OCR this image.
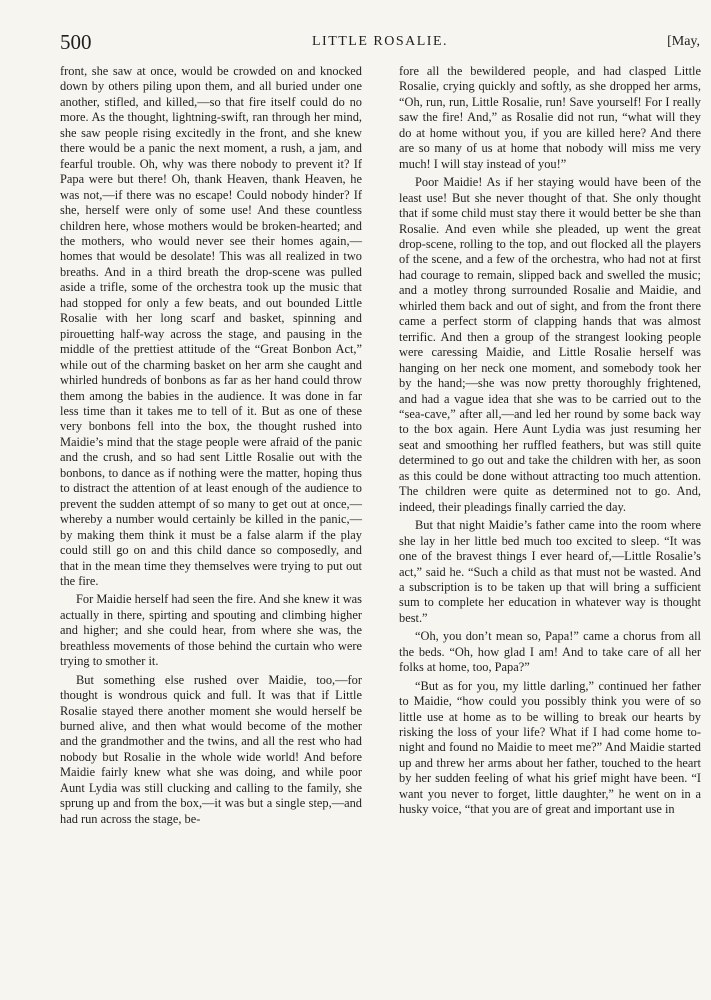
500	LITTLE ROSALIE.	[May,

front, she saw at once, would be crowded on and knocked down by others piling upon them, and all buried under one another, stifled, and killed,—so that fire itself could do no more. As the thought, lightning-swift, ran through her mind, she saw people rising excitedly in the front, and she knew there would be a panic the next moment, a rush, a jam, and fearful trouble. Oh, why was there nobody to prevent it? If Papa were but there! Oh, thank Heaven, thank Heaven, he was not,—if there was no escape! Could nobody hinder? If she, herself were only of some use! And these countless children here, whose mothers would be broken-hearted; and the mothers, who would never see their homes again,—homes that would be desolate! This was all realized in two breaths. And in a third breath the drop-scene was pulled aside a trifle, some of the orchestra took up the music that had stopped for only a few beats, and out bounded Little Rosalie with her long scarf and basket, spinning and pirouetting half-way across the stage, and pausing in the middle of the prettiest attitude of the “Great Bonbon Act,” while out of the charming basket on her arm she caught and whirled hundreds of bonbons as far as her hand could throw them among the babies in the audience. It was done in far less time than it takes me to tell of it. But as one of these very bonbons fell into the box, the thought rushed into Maidie’s mind that the stage people were afraid of the panic and the crush, and so had sent Little Rosalie out with the bonbons, to dance as if nothing were the matter, hoping thus to distract the attention of at least enough of the audience to prevent the sudden attempt of so many to get out at once,—whereby a number would certainly be killed in the panic,—by making them think it must be a false alarm if the play could still go on and this child dance so composedly, and that in the mean time they themselves were trying to put out the fire.

For Maidie herself had seen the fire. And she knew it was actually in there, spirting and spouting and climbing higher and higher; and she could hear, from where she was, the breathless movements of those behind the curtain who were trying to smother it.

But something else rushed over Maidie, too,—for thought is wondrous quick and full. It was that if Little Rosalie stayed there another moment she would herself be burned alive, and then what would become of the mother and the grandmother and the twins, and all the rest who had nobody but Rosalie in the whole wide world! And before Maidie fairly knew what she was doing, and while poor Aunt Lydia was still clucking and calling to the family, she sprung up and from the box,—it was but a single step,—and had run across the stage, be-

fore all the bewildered people, and had clasped Little Rosalie, crying quickly and softly, as she dropped her arms, “Oh, run, run, Little Rosalie, run! Save yourself! For I really saw the fire! And,” as Rosalie did not run, “what will they do at home without you, if you are killed here? And there are so many of us at home that nobody will miss me very much! I will stay instead of you!”

Poor Maidie! As if her staying would have been of the least use! But she never thought of that. She only thought that if some child must stay there it would better be she than Rosalie. And even while she pleaded, up went the great drop-scene, rolling to the top, and out flocked all the players of the scene, and a few of the orchestra, who had not at first had courage to remain, slipped back and swelled the music; and a motley throng surrounded Rosalie and Maidie, and whirled them back and out of sight, and from the front there came a perfect storm of clapping hands that was almost terrific. And then a group of the strangest looking people were caressing Maidie, and Little Rosalie herself was hanging on her neck one moment, and somebody took her by the hand;—she was now pretty thoroughly frightened, and had a vague idea that she was to be carried out to the “sea-cave,” after all,—and led her round by some back way to the box again. Here Aunt Lydia was just resuming her seat and smoothing her ruffled feathers, but was still quite determined to go out and take the children with her, as soon as this could be done without attracting too much attention. The children were quite as determined not to go. And, indeed, their pleadings finally carried the day.

But that night Maidie’s father came into the room where she lay in her little bed much too excited to sleep. “It was one of the bravest things I ever heard of,—Little Rosalie’s act,” said he. “Such a child as that must not be wasted. And a subscription is to be taken up that will bring a sufficient sum to complete her education in whatever way is thought best.”

“Oh, you don’t mean so, Papa!” came a chorus from all the beds. “Oh, how glad I am! And to take care of all her folks at home, too, Papa?”

“But as for you, my little darling,” continued her father to Maidie, “how could you possibly think you were of so little use at home as to be willing to break our hearts by risking the loss of your life? What if I had come home to-night and found no Maidie to meet me?” And Maidie started up and threw her arms about her father, touched to the heart by her sudden feeling of what his grief might have been. “I want you never to forget, little daughter,” he went on in a husky voice, “that you are of great and important use in
